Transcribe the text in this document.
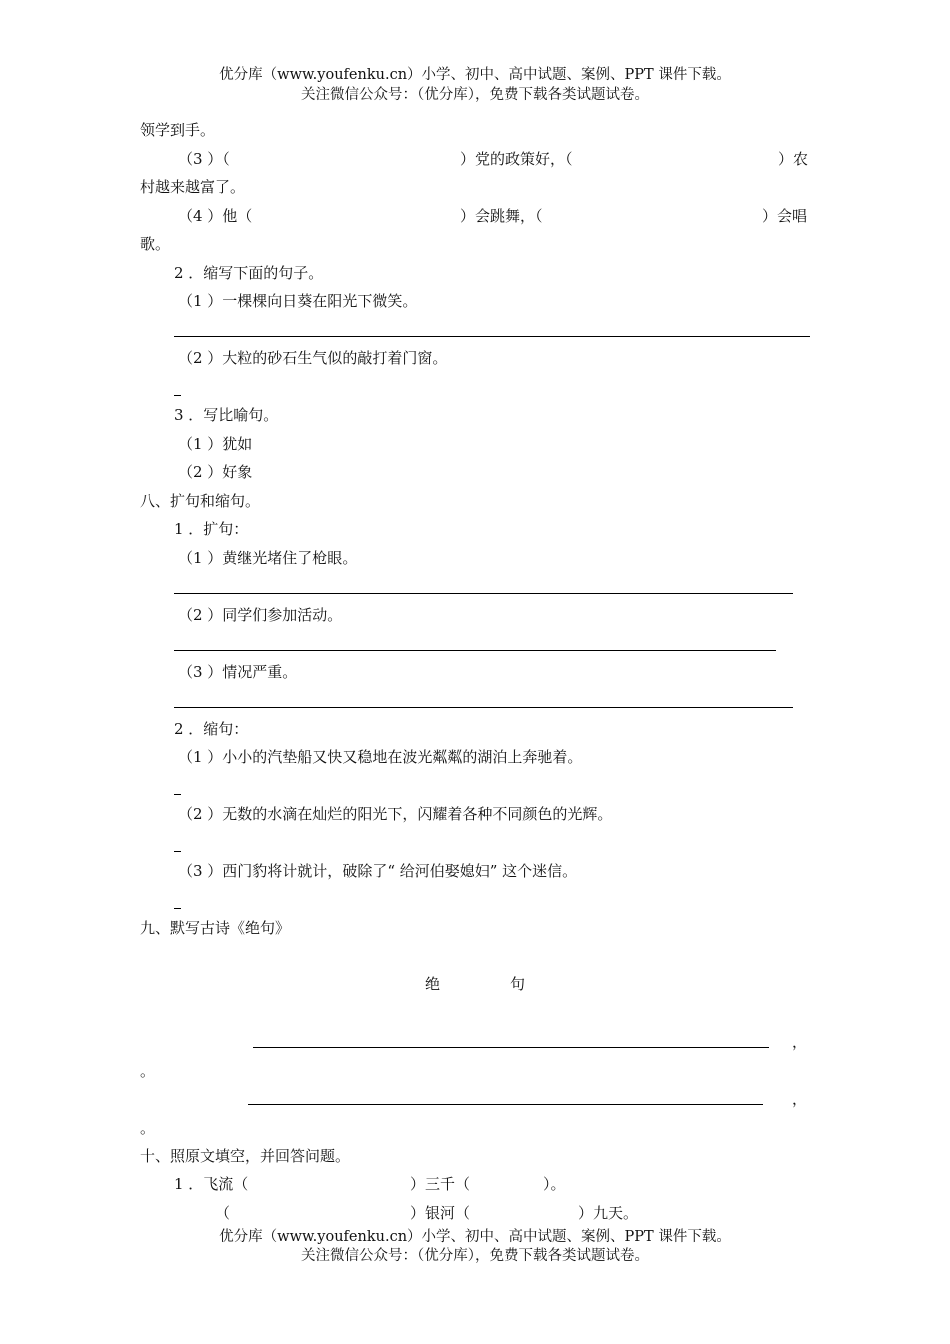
优分库（www.youfenku.cn）小学、初中、高中试题、案例、PPT 课件下载。
关注微信公众号：（优分库），免费下载各类试题试卷。
领学到手。
（3 ）（	）党的政策好，（	）农
村越来越富了。
（4 ）他（	）会跳舞，（	）会唱
歌。
2 ．缩写下面的句子。
（1 ）一棵棵向日葵在阳光下微笑。
（2 ）大粒的砂石生气似的敲打着门窗。
3 ．写比喻句。
（1 ）犹如
（2 ）好象
八、扩句和缩句。
1 ．扩句：
（1 ）黄继光堵住了枪眼。
（2 ）同学们参加活动。
（3 ）情况严重。
2 ．缩句：
（1 ）小小的汽垫船又快又稳地在波光粼粼的湖泊上奔驰着。
（2 ）无数的水滴在灿烂的阳光下，闪耀着各种不同颜色的光辉。
（3 ）西门豹将计就计，破除了“ 给河伯娶媳妇” 这个迷信。
九、默写古诗《绝句》
绝	句
，
。
，
。
十、照原文填空，并回答问题。
1 ．飞流（	）三千（	）。
（	）银河（	）九天。
优分库（www.youfenku.cn）小学、初中、高中试题、案例、PPT 课件下载。
关注微信公众号：（优分库），免费下载各类试题试卷。
